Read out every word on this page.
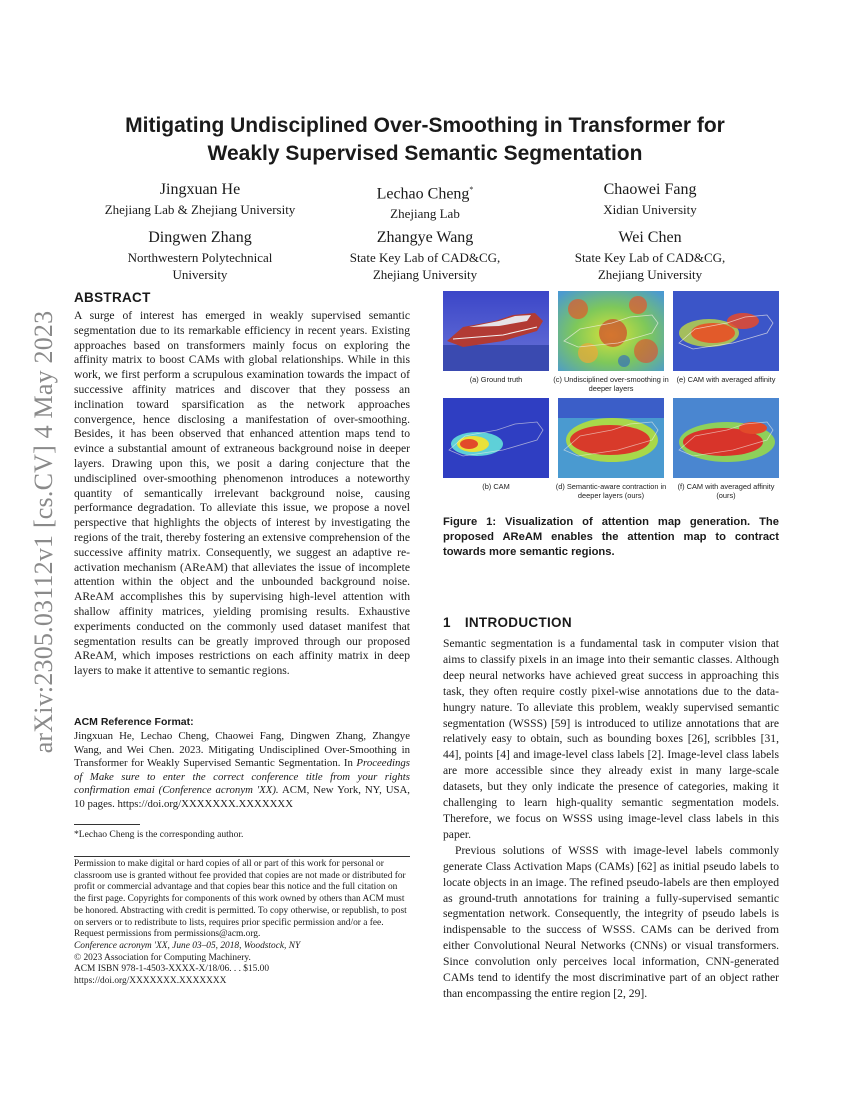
arXiv:2305.03112v1 [cs.CV] 4 May 2023
Mitigating Undisciplined Over-Smoothing in Transformer for
Weakly Supervised Semantic Segmentation
Jingxuan He
Zhejiang Lab & Zhejiang University
Lechao Cheng*
Zhejiang Lab
Chaowei Fang
Xidian University
Dingwen Zhang
Northwestern Polytechnical
University
Zhangye Wang
State Key Lab of CAD&CG,
Zhejiang University
Wei Chen
State Key Lab of CAD&CG,
Zhejiang University
ABSTRACT

A surge of interest has emerged in weakly supervised semantic segmentation due to its remarkable efficiency in recent years. Existing approaches based on transformers mainly focus on exploring the affinity matrix to boost CAMs with global relationships. While in this work, we first perform a scrupulous examination towards the impact of successive affinity matrices and discover that they possess an inclination toward sparsification as the network approaches convergence, hence disclosing a manifestation of over-smoothing. Besides, it has been observed that enhanced attention maps tend to evince a substantial amount of extraneous background noise in deeper layers. Drawing upon this, we posit a daring conjecture that the undisciplined over-smoothing phenomenon introduces a noteworthy quantity of semantically irrelevant background noise, causing performance degradation. To alleviate this issue, we propose a novel perspective that highlights the objects of interest by investigating the regions of the trait, thereby fostering an extensive comprehension of the successive affinity matrix. Consequently, we suggest an adaptive re-activation mechanism (AReAM) that alleviates the issue of incomplete attention within the object and the unbounded background noise. AReAM accomplishes this by supervising high-level attention with shallow affinity matrices, yielding promising results. Exhaustive experiments conducted on the commonly used dataset manifest that segmentation results can be greatly improved through our proposed AReAM, which imposes restrictions on each affinity matrix in deep layers to make it attentive to semantic regions.

ACM Reference Format:

Jingxuan He, Lechao Cheng, Chaowei Fang, Dingwen Zhang, Zhangye Wang, and Wei Chen. 2023. Mitigating Undisciplined Over-Smoothing in Transformer for Weakly Supervised Semantic Segmentation. In Proceedings of Make sure to enter the correct conference title from your rights confirmation emai (Conference acronym 'XX). ACM, New York, NY, USA, 10 pages. https://doi.org/XXXXXXX.XXXXXXX

*Lechao Cheng is the corresponding author.

Permission to make digital or hard copies of all or part of this work for personal or classroom use is granted without fee provided that copies are not made or distributed for profit or commercial advantage and that copies bear this notice and the full citation on the first page. Copyrights for components of this work owned by others than ACM must be honored. Abstracting with credit is permitted. To copy otherwise, or republish, to post on servers or to redistribute to lists, requires prior specific permission and/or a fee. Request permissions from permissions@acm.org.

Conference acronym 'XX, June 03–05, 2018, Woodstock, NY

© 2023 Association for Computing Machinery.

ACM ISBN 978-1-4503-XXXX-X/18/06. . . $15.00

https://doi.org/XXXXXXX.XXXXXXX

(a) Ground truth	(c) Undisciplined over-smoothing in deeper layers
(e) CAM with averaged affinity
(b) CAM	(d) Semantic-aware contraction in deeper layers (ours)
(f) CAM with averaged affinity (ours)
Figure 1: Visualization of attention map generation. The proposed AReAM enables the attention map to contract towards more semantic regions.
1 INTRODUCTION

Semantic segmentation is a fundamental task in computer vision that aims to classify pixels in an image into their semantic classes. Although deep neural networks have achieved great success in approaching this task, they often require costly pixel-wise annotations due to the data-hungry nature. To alleviate this problem, weakly supervised semantic segmentation (WSSS) [59] is introduced to utilize annotations that are relatively easy to obtain, such as bounding boxes [26], scribbles [31, 44], points [4] and image-level class labels [2]. Image-level class labels are more accessible since they already exist in many large-scale datasets, but they only indicate the presence of categories, making it challenging to learn high-quality semantic segmentation models. Therefore, we focus on WSSS using image-level class labels in this paper.

Previous solutions of WSSS with image-level labels commonly generate Class Activation Maps (CAMs) [62] as initial pseudo labels to locate objects in an image. The refined pseudo-labels are then employed as ground-truth annotations for training a fully-supervised semantic segmentation network. Consequently, the integrity of pseudo labels is indispensable to the success of WSSS. CAMs can be derived from either Convolutional Neural Networks (CNNs) or visual transformers. Since convolution only perceives local information, CNN-generated CAMs tend to identify the most discriminative part of an object rather than encompassing the entire region [2, 29].
